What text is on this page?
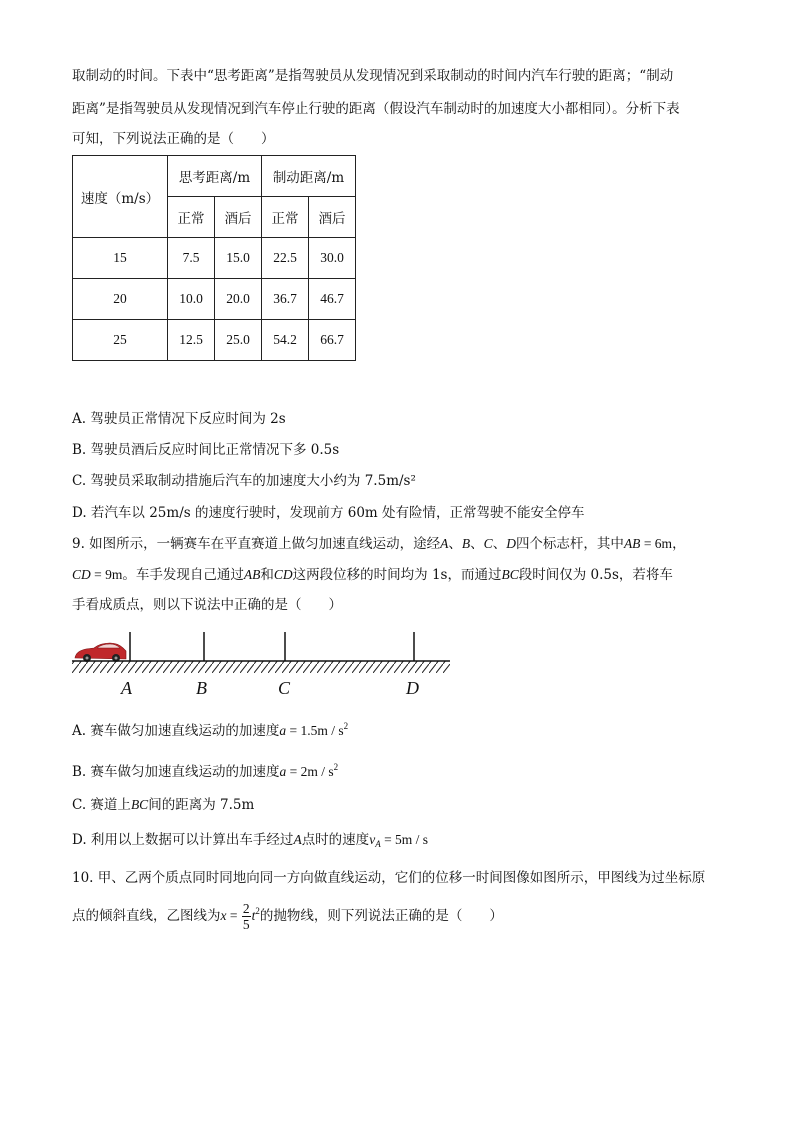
取制动的时间。下表中“思考距离”是指驾驶员从发现情况到采取制动的时间内汽车行驶的距离；“制动
距离”是指驾驶员从发现情况到汽车停止行驶的距离（假设汽车制动时的加速度大小都相同）。分析下表
可知，下列说法正确的是（　　）
速度（m/s）	思考距离/m		制动距离/m	
	正常	酒后	正常	酒后
15	7.5	15.0	22.5	30.0
20	10.0	20.0	36.7	46.7
25	12.5	25.0	54.2	66.7
A. 驾驶员正常情况下反应时间为 2s
B. 驾驶员酒后反应时间比正常情况下多 0.5s
C. 驾驶员采取制动措施后汽车的加速度大小约为 7.5m/s²
D. 若汽车以 25m/s 的速度行驶时，发现前方 60m 处有险情，正常驾驶不能安全停车
9. 如图所示，一辆赛车在平直赛道上做匀加速直线运动，途经A、B、C、D四个标志杆，其中AB = 6m，
CD = 9m。车手发现自己通过AB和CD这两段位移的时间均为 1s，而通过BC段时间仅为 0.5s，若将车
手看成质点，则以下说法中正确的是（　　）
A	B	C	D
A. 赛车做匀加速直线运动的加速度$a = 1.5m / s^2$
B. 赛车做匀加速直线运动的加速度$a = 2m / s^2$
C. 赛道上BC间的距离为 7.5m
D. 利用以上数据可以计算出车手经过A点时的速度$v_A = 5m / s$
10. 甲、乙两个质点同时同地向同一方向做直线运动，它们的位移一时间图像如图所示，甲图线为过坐标原
点的倾斜直线，乙图线为$x = \frac{2}{5} t^2$的抛物线，则下列说法正确的是（　　）
